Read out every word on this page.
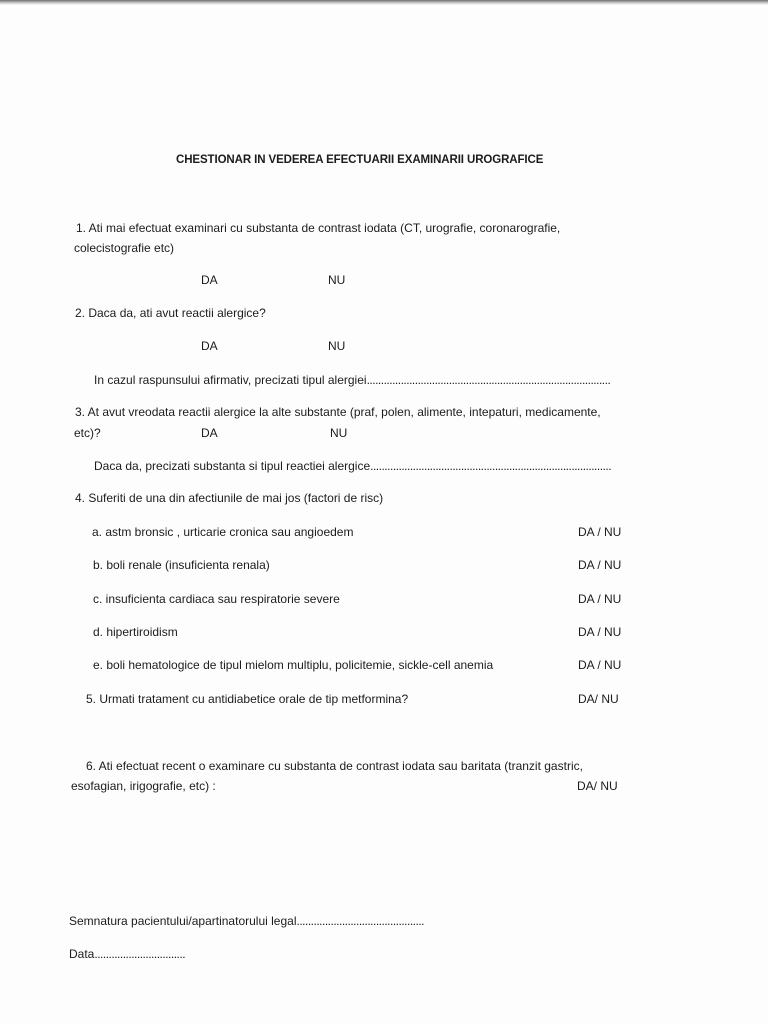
CHESTIONAR IN VEDEREA EFECTUARII EXAMINARII UROGRAFICE
1. Ati mai efectuat examinari cu substanta de contrast iodata (CT, urografie, coronarografie,
colecistografie etc)
DA	NU
2. Daca da, ati avut reactii alergice?
DA	NU
In cazul raspunsului afirmativ, precizati tipul alergiei......................................................................................
3. At avut vreodata reactii alergice la alte substante (praf, polen, alimente, intepaturi, medicamente,
etc)?	DA	NU
Daca da, precizati substanta si tipul reactiei alergice.....................................................................................
4. Suferiti de una din afectiunile de mai jos (factori de risc)
a. astm bronsic , urticarie cronica sau angioedem	DA / NU
b. boli renale (insuficienta renala)	DA / NU
c. insuficienta cardiaca sau respiratorie severe	DA / NU
d. hipertiroidism	DA / NU
e. boli hematologice de tipul mielom multiplu, policitemie, sickle-cell anemia	DA / NU
5. Urmati tratament cu antidiabetice orale de tip metformina?	DA/ NU
6. Ati efectuat recent o examinare cu substanta de contrast iodata sau baritata (tranzit gastric,
esofagian, irigografie, etc) :	DA/ NU
Semnatura pacientului/apartinatorului legal.............................................
Data................................
